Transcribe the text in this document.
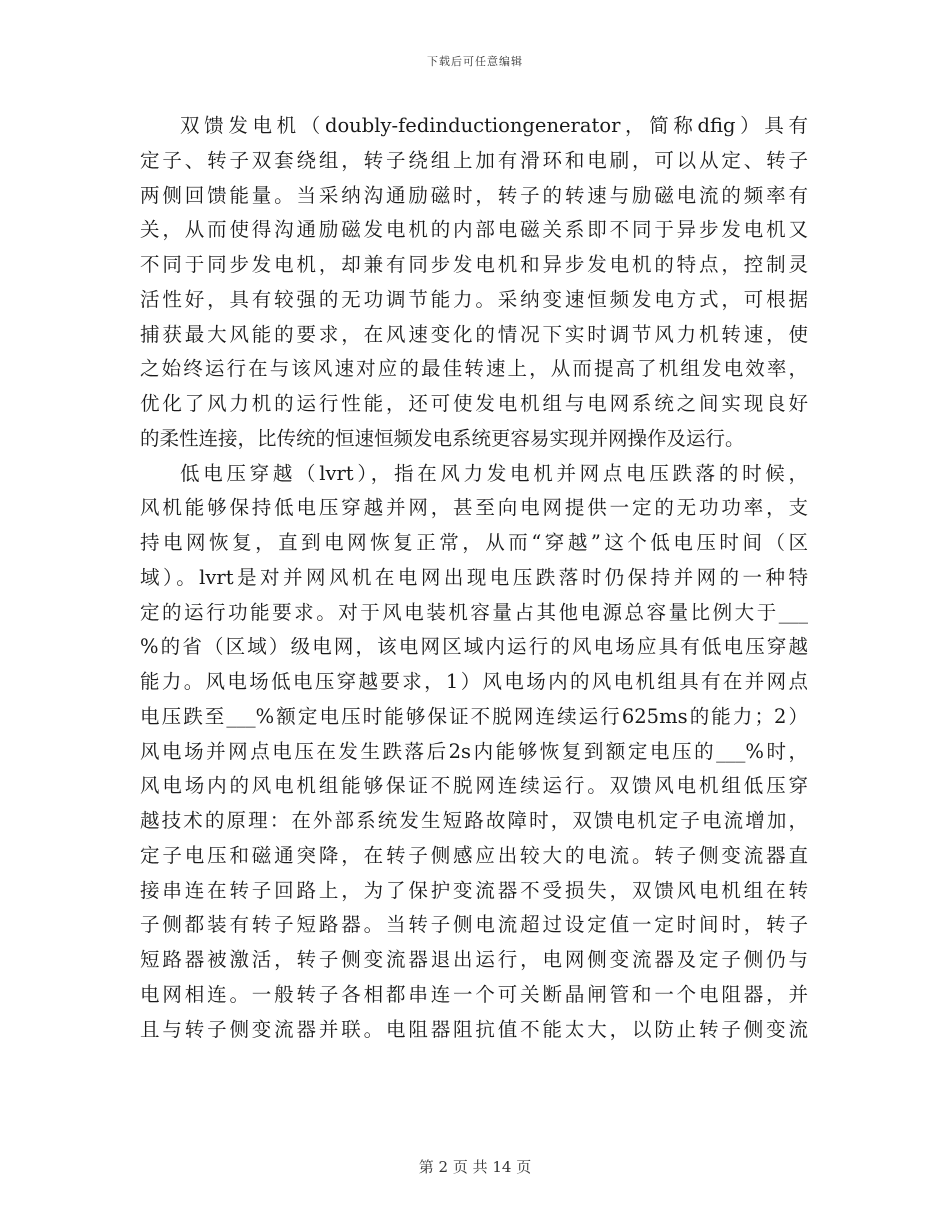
下载后可任意编辑
双馈发电机（doubly-fedinductiongenerator，简称dfig）具有
定子、转子双套绕组，转子绕组上加有滑环和电刷，可以从定、转子
两侧回馈能量。当采纳沟通励磁时，转子的转速与励磁电流的频率有
关，从而使得沟通励磁发电机的内部电磁关系即不同于异步发电机又
不同于同步发电机，却兼有同步发电机和异步发电机的特点，控制灵
活性好，具有较强的无功调节能力。采纳变速恒频发电方式，可根据
捕获最大风能的要求，在风速变化的情况下实时调节风力机转速，使
之始终运行在与该风速对应的最佳转速上，从而提高了机组发电效率，
优化了风力机的运行性能，还可使发电机组与电网系统之间实现良好
的柔性连接，比传统的恒速恒频发电系统更容易实现并网操作及运行。
低电压穿越（lvrt），指在风力发电机并网点电压跌落的时候，
风机能够保持低电压穿越并网，甚至向电网提供一定的无功功率，支
持电网恢复，直到电网恢复正常，从而“穿越”这个低电压时间（区
域）。lvrt是对并网风机在电网出现电压跌落时仍保持并网的一种特
定的运行功能要求。对于风电装机容量占其他电源总容量比例大于___
%的省（区域）级电网，该电网区域内运行的风电场应具有低电压穿越
能力。风电场低电压穿越要求，1）风电场内的风电机组具有在并网点
电压跌至___%额定电压时能够保证不脱网连续运行625ms的能力；2）
风电场并网点电压在发生跌落后2s内能够恢复到额定电压的___%时，
风电场内的风电机组能够保证不脱网连续运行。双馈风电机组低压穿
越技术的原理：在外部系统发生短路故障时，双馈电机定子电流增加，
定子电压和磁通突降，在转子侧感应出较大的电流。转子侧变流器直
接串连在转子回路上，为了保护变流器不受损失，双馈风电机组在转
子侧都装有转子短路器。当转子侧电流超过设定值一定时间时，转子
短路器被激活，转子侧变流器退出运行，电网侧变流器及定子侧仍与
电网相连。一般转子各相都串连一个可关断晶闸管和一个电阻器，并
且与转子侧变流器并联。电阻器阻抗值不能太大，以防止转子侧变流
第 2 页 共 14 页
